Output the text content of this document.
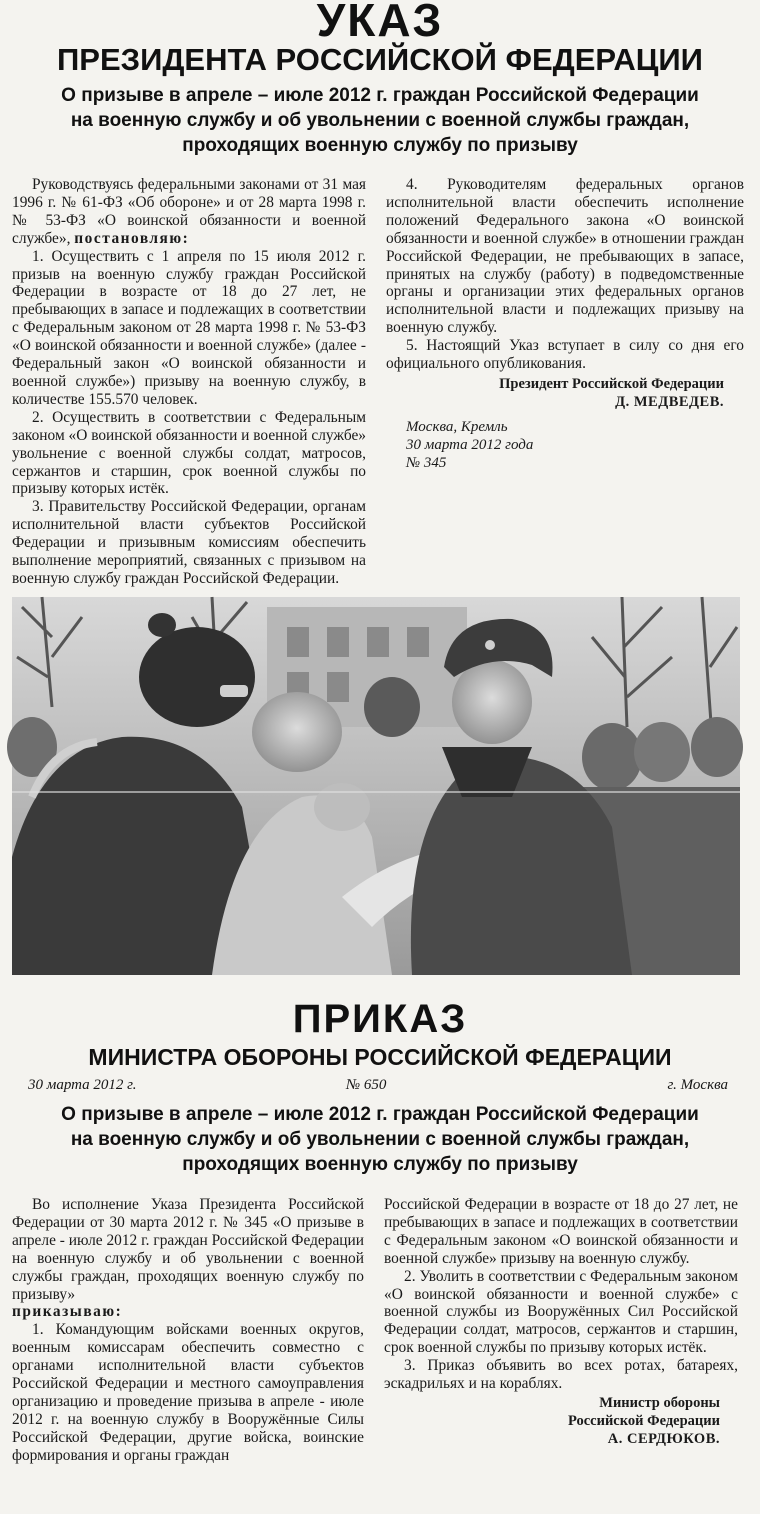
УКАЗ
ПРЕЗИДЕНТА РОССИЙСКОЙ ФЕДЕРАЦИИ
О призыве в апреле – июле 2012 г. граждан Российской Федерации
на военную службу и об увольнении с военной службы граждан,
проходящих военную службу по призыву

Руководствуясь федеральными законами от 31 мая 1996 г. № 61-ФЗ «Об обороне» и от 28 марта 1998 г. № 53-ФЗ «О воинской обязанности и военной службе», постановляю:

1. Осуществить с 1 апреля по 15 июля 2012 г. призыв на военную службу граждан Российской Федерации в возрасте от 18 до 27 лет, не пребывающих в запасе и подлежащих в соответствии с Федеральным законом от 28 марта 1998 г. № 53-ФЗ «О воинской обязанности и военной службе» (далее - Федеральный закон «О воинской обязанности и военной службе») призыву на военную службу, в количестве 155.570 человек.

2. Осуществить в соответствии с Федеральным законом «О воинской обязанности и военной службе» увольнение с военной службы солдат, матросов, сержантов и старшин, срок военной службы по призыву которых истёк.

3. Правительству Российской Федерации, органам исполнительной власти субъектов Российской Федерации и призывным комиссиям обеспечить выполнение мероприятий, связанных с призывом на военную службу граждан Российской Федерации.

4. Руководителям федеральных органов исполнительной власти обеспечить исполнение положений Федерального закона «О воинской обязанности и военной службе» в отношении граждан Российской Федерации, не пребывающих в запасе, принятых на службу (работу) в подведомственные органы и организации этих федеральных органов исполнительной власти и подлежащих призыву на военную службу.

5. Настоящий Указ вступает в силу со дня его официального опубликования.

Президент Российской Федерации
Д. МЕДВЕДЕВ.
Москва, Кремль
30 марта 2012 года
№ 345
ПРИКАЗ
МИНИСТРА ОБОРОНЫ РОССИЙСКОЙ ФЕДЕРАЦИИ
30 марта 2012 г.	№ 650	г. Москва
О призыве в апреле – июле 2012 г. граждан Российской Федерации
на военную службу и об увольнении с военной службы граждан,
проходящих военную службу по призыву

Во исполнение Указа Президента Российской Федерации от 30 марта 2012 г. № 345 «О призыве в апреле - июле 2012 г. граждан Российской Федерации на военную службу и об увольнении с военной службы граждан, проходящих военную службу по призыву»

приказываю:

1. Командующим войсками военных округов, военным комиссарам обеспечить совместно с органами исполнительной власти субъектов Российской Федерации и местного самоуправления организацию и проведение призыва в апреле - июле 2012 г. на военную службу в Вооружённые Силы Российской Федерации, другие войска, воинские формирования и органы граждан

Российской Федерации в возрасте от 18 до 27 лет, не пребывающих в запасе и подлежащих в соответствии с Федеральным законом «О воинской обязанности и военной службе» призыву на военную службу.

2. Уволить в соответствии с Федеральным законом «О воинской обязанности и военной службе» с военной службы из Вооружённых Сил Российской Федерации солдат, матросов, сержантов и старшин, срок военной службы по призыву которых истёк.

3. Приказ объявить во всех ротах, батареях, эскадрильях и на кораблях.

Министр обороны
Российской Федерации
А. СЕРДЮКОВ.
